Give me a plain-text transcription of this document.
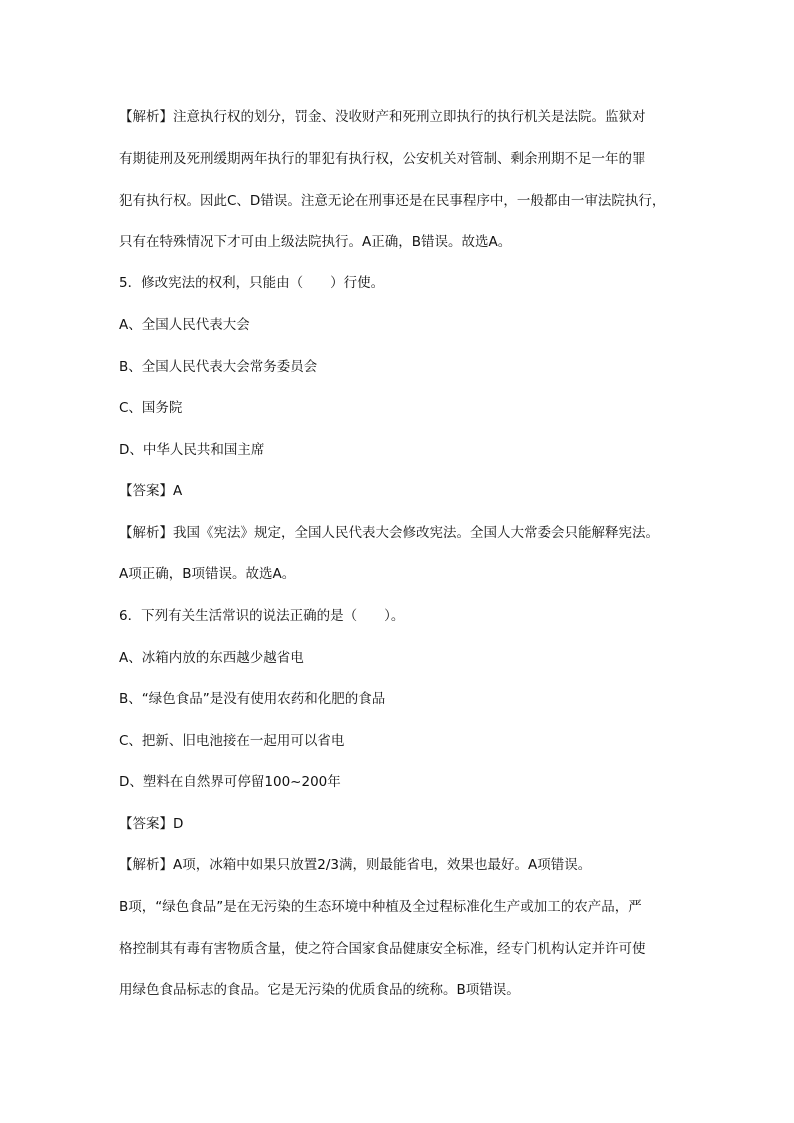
【解析】注意执行权的划分，罚金、没收财产和死刑立即执行的执行机关是法院。监狱对
有期徒刑及死刑缓期两年执行的罪犯有执行权，公安机关对管制、剩余刑期不足一年的罪
犯有执行权。因此C、D错误。注意无论在刑事还是在民事程序中，一般都由一审法院执行，
只有在特殊情况下才可由上级法院执行。A正确，B错误。故选A。
5．修改宪法的权利，只能由（　　）行使。
A、全国人民代表大会
B、全国人民代表大会常务委员会
C、国务院
D、中华人民共和国主席
【答案】A
【解析】我国《宪法》规定，全国人民代表大会修改宪法。全国人大常委会只能解释宪法。
A项正确，B项错误。故选A。
6．下列有关生活常识的说法正确的是（　　）。
A、冰箱内放的东西越少越省电
B、“绿色食品”是没有使用农药和化肥的食品
C、把新、旧电池接在一起用可以省电
D、塑料在自然界可停留100~200年
【答案】D
【解析】A项，冰箱中如果只放置2/3满，则最能省电，效果也最好。A项错误。
B项，“绿色食品”是在无污染的生态环境中种植及全过程标准化生产或加工的农产品，严
格控制其有毒有害物质含量，使之符合国家食品健康安全标准，经专门机构认定并许可使
用绿色食品标志的食品。它是无污染的优质食品的统称。B项错误。
